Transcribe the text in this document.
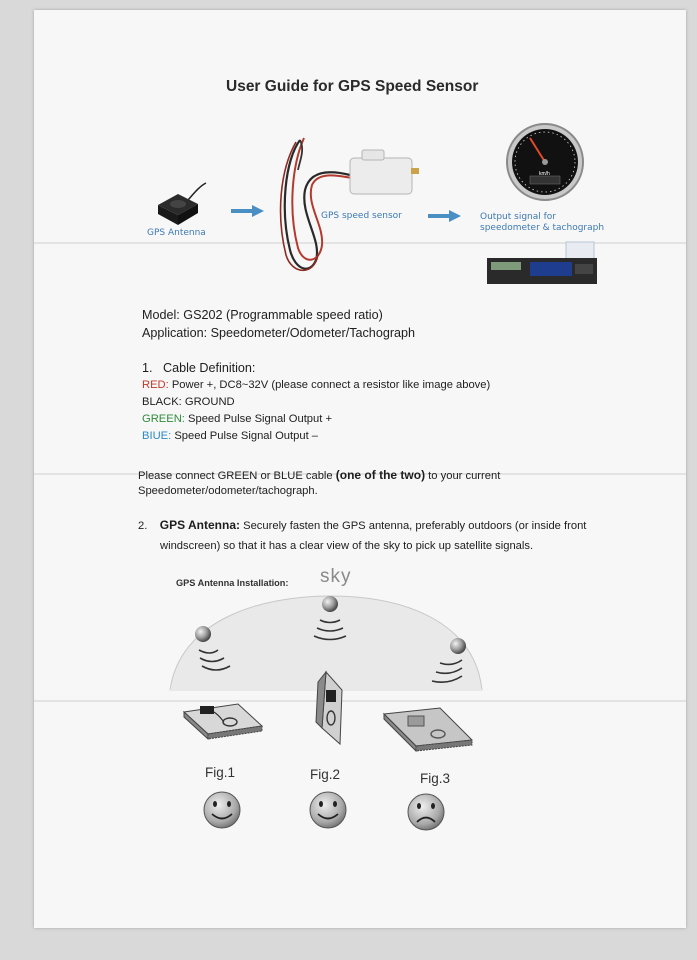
User Guide for GPS Speed Sensor
km/h
GPS Antenna
GPS speed sensor	Output signal for
speedometer & tachograph
Model: GS202 (Programmable speed ratio)
Application: Speedometer/Odometer/Tachograph
1. Cable Definition:
RED: Power +, DC8~32V (please connect a resistor like image above)
BLACK: GROUND
GREEN: Speed Pulse Signal Output +
BIUE: Speed Pulse Signal Output –
Please connect GREEN or BLUE cable (one of the two) to your current
Speedometer/odometer/tachograph.
2. GPS Antenna: Securely fasten the GPS antenna, preferably outdoors (or inside front
windscreen) so that it has a clear view of the sky to pick up satellite signals.
GPS Antenna Installation: sky
Fig.1	Fig.2	Fig.3
